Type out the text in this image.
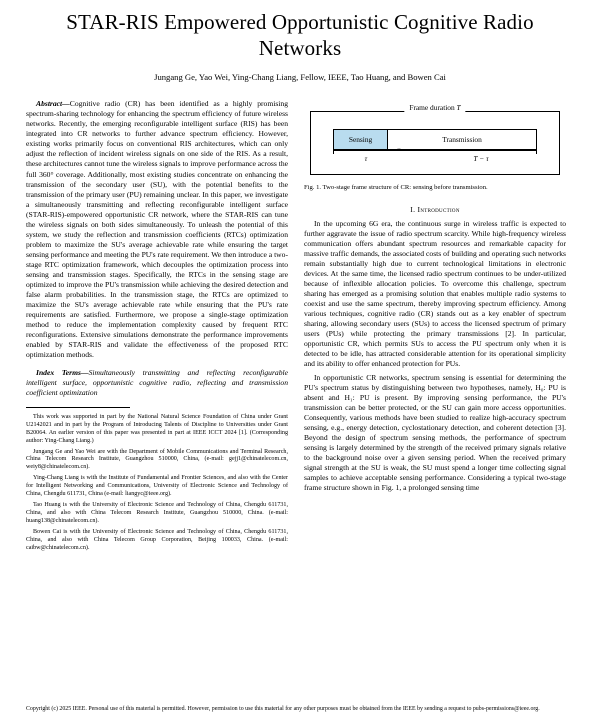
STAR-RIS Empowered Opportunistic Cognitive Radio Networks
Jungang Ge, Yao Wei, Ying-Chang Liang, Fellow, IEEE, Tao Huang, and Bowen Cai

Abstract—Cognitive radio (CR) has been identified as a highly promising spectrum-sharing technology for enhancing the spectrum efficiency of future wireless networks. Recently, the emerging reconfigurable intelligent surface (RIS) has been integrated into CR networks to further advance spectrum efficiency. However, existing works primarily focus on conventional RIS architectures, which can only adjust the reflection of incident wireless signals on one side of the RIS. As a result, these architectures cannot tune the wireless signals to improve performance across the full 360° coverage. Additionally, most existing studies concentrate on enhancing the transmission of the secondary user (SU), with the potential benefits to the transmission of the primary user (PU) remaining unclear. In this paper, we investigate a simultaneously transmitting and reflecting reconfigurable intelligent surface (STAR-RIS)-empowered opportunistic CR network, where the STAR-RIS can tune the wireless signals on both sides simultaneously. To unleash the potential of this system, we study the reflection and transmission coefficients (RTCs) optimization problem to maximize the SU's average achievable rate while ensuring the target sensing performance and meeting the PU's rate requirement. We then introduce a two-stage RTC optimization framework, which decouples the optimization process into sensing and transmission stages. Specifically, the RTCs in the sensing stage are optimized to improve the PU's transmission while achieving the desired detection and false alarm probabilities. In the transmission stage, the RTCs are optimized to maximize the SU's average achievable rate while ensuring that the PU's rate requirements are satisfied. Furthermore, we propose a single-stage optimization method to reduce the implementation complexity caused by frequent RTC reconfigurations. Extensive simulations demonstrate the performance improvements enabled by STAR-RIS and validate the effectiveness of the proposed RTC optimization methods.

Index Terms—Simultaneously transmitting and reflecting reconfigurable intelligent surface, opportunistic cognitive radio, reflecting and transmission coefficient optimization

This work was supported in part by the National Natural Science Foundation of China under Grant U2142021 and in part by the Program of Introducing Talents of Discipline to Universities under Grant B20064. An earlier version of this paper was presented in part at IEEE ICCT 2024 [1]. (Corresponding author: Ying-Chang Liang.)

Jungang Ge and Yao Wei are with the Department of Mobile Communications and Terminal Research, China Telecom Research Institute, Guangzhou 510000, China, (e-mail: gejj1@chinatelecom.cn, weiy8@chinatelecom.cn).

Ying-Chang Liang is with the Institute of Fundamental and Frontier Sciences, and also with the Center for Intelligent Networking and Communications, University of Electronic Science and Technology of China, Chengdu 611731, China (e-mail: liangyc@ieee.org).

Tao Huang is with the University of Electronic Science and Technology of China, Chengdu 611731, China, and also with China Telecom Research Institute, Guangzhou 510000, China. (e-mail: huang138@chinatelecom.cn).

Bowen Cai is with the University of Electronic Science and Technology of China, Chengdu 611731, China, and also with China Telecom Group Corporation, Beijing 100033, China. (e-mail: caibw@chinatelecom.cn).

Frame duration T
Sensing	Transmission
×
τ	T − τ
Fig. 1. Two-stage frame structure of CR: sensing before transmission.
I. Introduction

In the upcoming 6G era, the continuous surge in wireless traffic is expected to further aggravate the issue of radio spectrum scarcity. While high-frequency wireless communication offers abundant spectrum resources and remarkable capacity for massive traffic demands, the associated costs of building and operating such networks remain substantially high due to current technological limitations in electronic devices. At the same time, the licensed radio spectrum continues to be under-utilized because of inflexible allocation policies. To overcome this challenge, spectrum sharing has emerged as a promising solution that enables multiple radio systems to coexist and use the same spectrum, thereby improving spectrum efficiency. Among various techniques, cognitive radio (CR) stands out as a key enabler of spectrum sharing, allowing secondary users (SUs) to access the licensed spectrum of primary users (PUs) while protecting the primary transmissions [2]. In particular, opportunistic CR, which permits SUs to access the PU spectrum only when it is detected to be idle, has attracted considerable attention for its operational simplicity and its ability to offer enhanced protection for PUs.

In opportunistic CR networks, spectrum sensing is essential for determining the PU's spectrum status by distinguishing between two hypotheses, namely, H₀: PU is absent and H₁: PU is present. By improving sensing performance, the PU's transmission can be better protected, or the SU can gain more access opportunities. Consequently, various methods have been studied to realize high-accuracy spectrum sensing, e.g., energy detection, cyclostationary detection, and coherent detection [3]. Beyond the design of spectrum sensing methods, the performance of spectrum sensing is largely determined by the strength of the received primary signals relative to the background noise over a given sensing period. When the received primary signal strength at the SU is weak, the SU must spend a longer time collecting signal samples to achieve acceptable sensing performance. Considering a typical two-stage frame structure shown in Fig. 1, a prolonged sensing time

Copyright (c) 2025 IEEE. Personal use of this material is permitted. However, permission to use this material for any other purposes must be obtained from the IEEE by sending a request to pubs-permissions@ieee.org.
